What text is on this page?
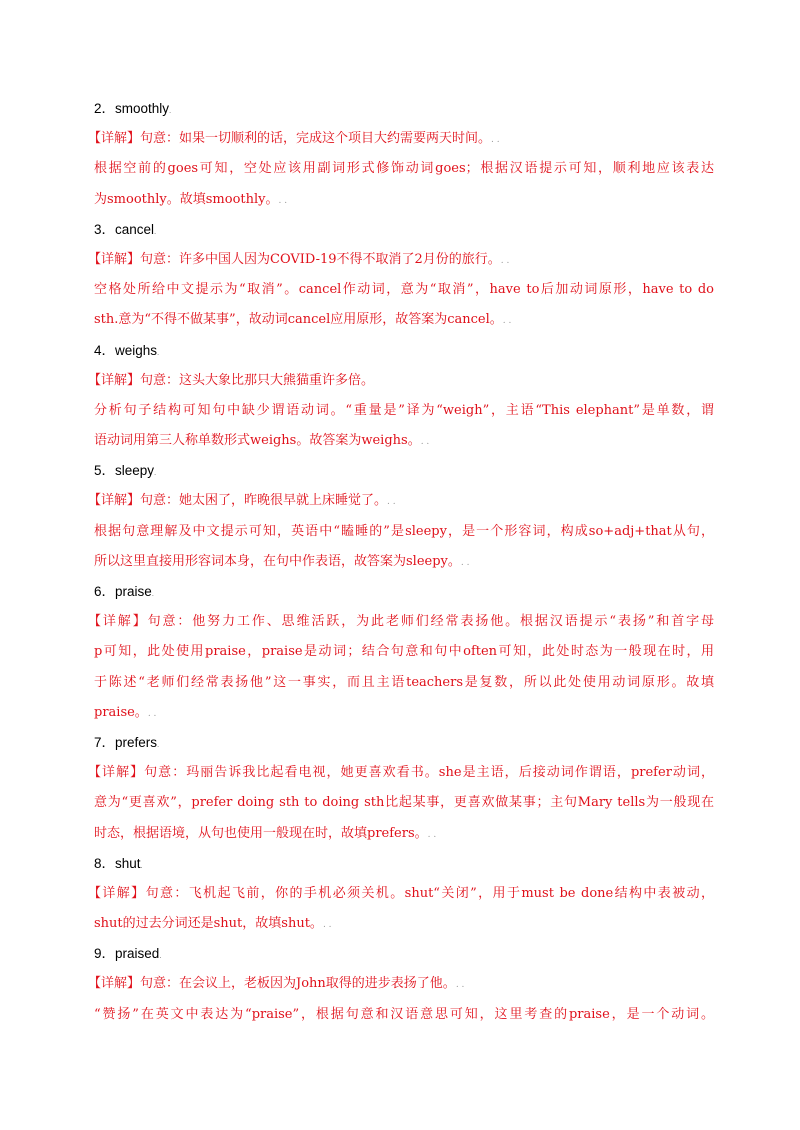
2．smoothly.
【详解】句意：如果一切顺利的话，完成这个项目大约需要两天时间。. .
根据空前的goes可知，空处应该用副词形式修饰动词goes；根据汉语提示可知，顺利地应该表达
为smoothly。故填smoothly。. .
3．cancel.
【详解】句意：许多中国人因为COVID-19不得不取消了2月份的旅行。. .
空格处所给中文提示为“取消”。cancel作动词，意为“取消”，have to后加动词原形，have to do
sth.意为“不得不做某事”，故动词cancel应用原形，故答案为cancel。. .
4．weighs.
【详解】句意：这头大象比那只大熊猫重许多倍。
分析句子结构可知句中缺少谓语动词。“重量是”译为“weigh”，主语“This elephant”是单数，谓
语动词用第三人称单数形式weighs。故答案为weighs。. .
5．sleepy.
【详解】句意：她太困了，昨晚很早就上床睡觉了。. .
根据句意理解及中文提示可知，英语中“瞌睡的”是sleepy，是一个形容词，构成so+adj+that从句，
所以这里直接用形容词本身，在句中作表语，故答案为sleepy。. .
6．praise.
【详解】句意：他努力工作、思维活跃，为此老师们经常表扬他。根据汉语提示“表扬”和首字母
p可知，此处使用praise，praise是动词；结合句意和句中often可知，此处时态为一般现在时，用
于陈述“老师们经常表扬他”这一事实，而且主语teachers是复数，所以此处使用动词原形。故填
praise。. .
7．prefers.
【详解】句意：玛丽告诉我比起看电视，她更喜欢看书。she是主语，后接动词作谓语，prefer动词，
意为“更喜欢”，prefer doing sth to doing sth比起某事，更喜欢做某事；主句Mary tells为一般现在
时态，根据语境，从句也使用一般现在时，故填prefers。. .
8．shut.
【详解】句意：飞机起飞前，你的手机必须关机。shut“关闭”，用于must be done结构中表被动，
shut的过去分词还是shut，故填shut。. .
9．praised.
【详解】句意：在会议上，老板因为John取得的进步表扬了他。. .
“赞扬”在英文中表达为“praise”，根据句意和汉语意思可知，这里考查的praise，是一个动词。
